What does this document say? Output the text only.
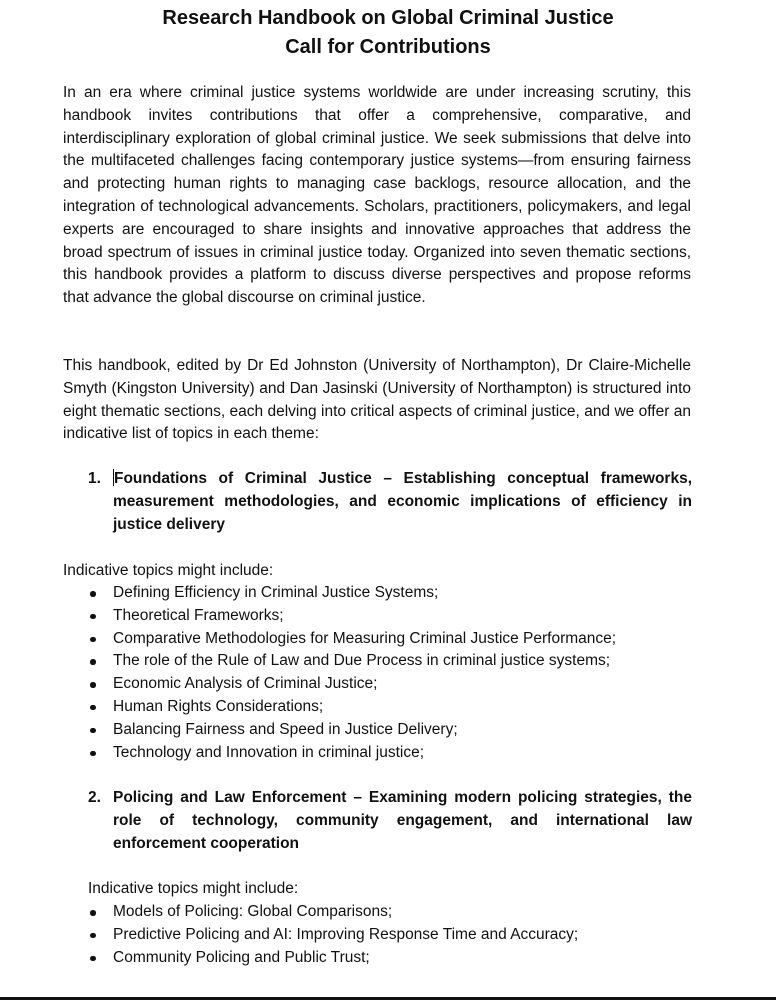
Research Handbook on Global Criminal Justice
Call for Contributions

In an era where criminal justice systems worldwide are under increasing scrutiny, this handbook invites contributions that offer a comprehensive, comparative, and interdisciplinary exploration of global criminal justice. We seek submissions that delve into the multifaceted challenges facing contemporary justice systems—from ensuring fairness and protecting human rights to managing case backlogs, resource allocation, and the integration of technological advancements. Scholars, practitioners, policymakers, and legal experts are encouraged to share insights and innovative approaches that address the broad spectrum of issues in criminal justice today. Organized into seven thematic sections, this handbook provides a platform to discuss diverse perspectives and propose reforms that advance the global discourse on criminal justice.

This handbook, edited by Dr Ed Johnston (University of Northampton), Dr Claire-Michelle Smyth (Kingston University) and Dan Jasinski (University of Northampton) is structured into eight thematic sections, each delving into critical aspects of criminal justice, and we offer an indicative list of topics in each theme:

1. Foundations of Criminal Justice – Establishing conceptual frameworks, measurement methodologies, and economic implications of efficiency in justice delivery

Indicative topics might include:

Defining Efficiency in Criminal Justice Systems;
Theoretical Frameworks;
Comparative Methodologies for Measuring Criminal Justice Performance;
The role of the Rule of Law and Due Process in criminal justice systems;
Economic Analysis of Criminal Justice;
Human Rights Considerations;
Balancing Fairness and Speed in Justice Delivery;
Technology and Innovation in criminal justice;
2. Policing and Law Enforcement – Examining modern policing strategies, the role of technology, community engagement, and international law enforcement cooperation

Indicative topics might include:

Models of Policing: Global Comparisons;
Predictive Policing and AI: Improving Response Time and Accuracy;
Community Policing and Public Trust;
